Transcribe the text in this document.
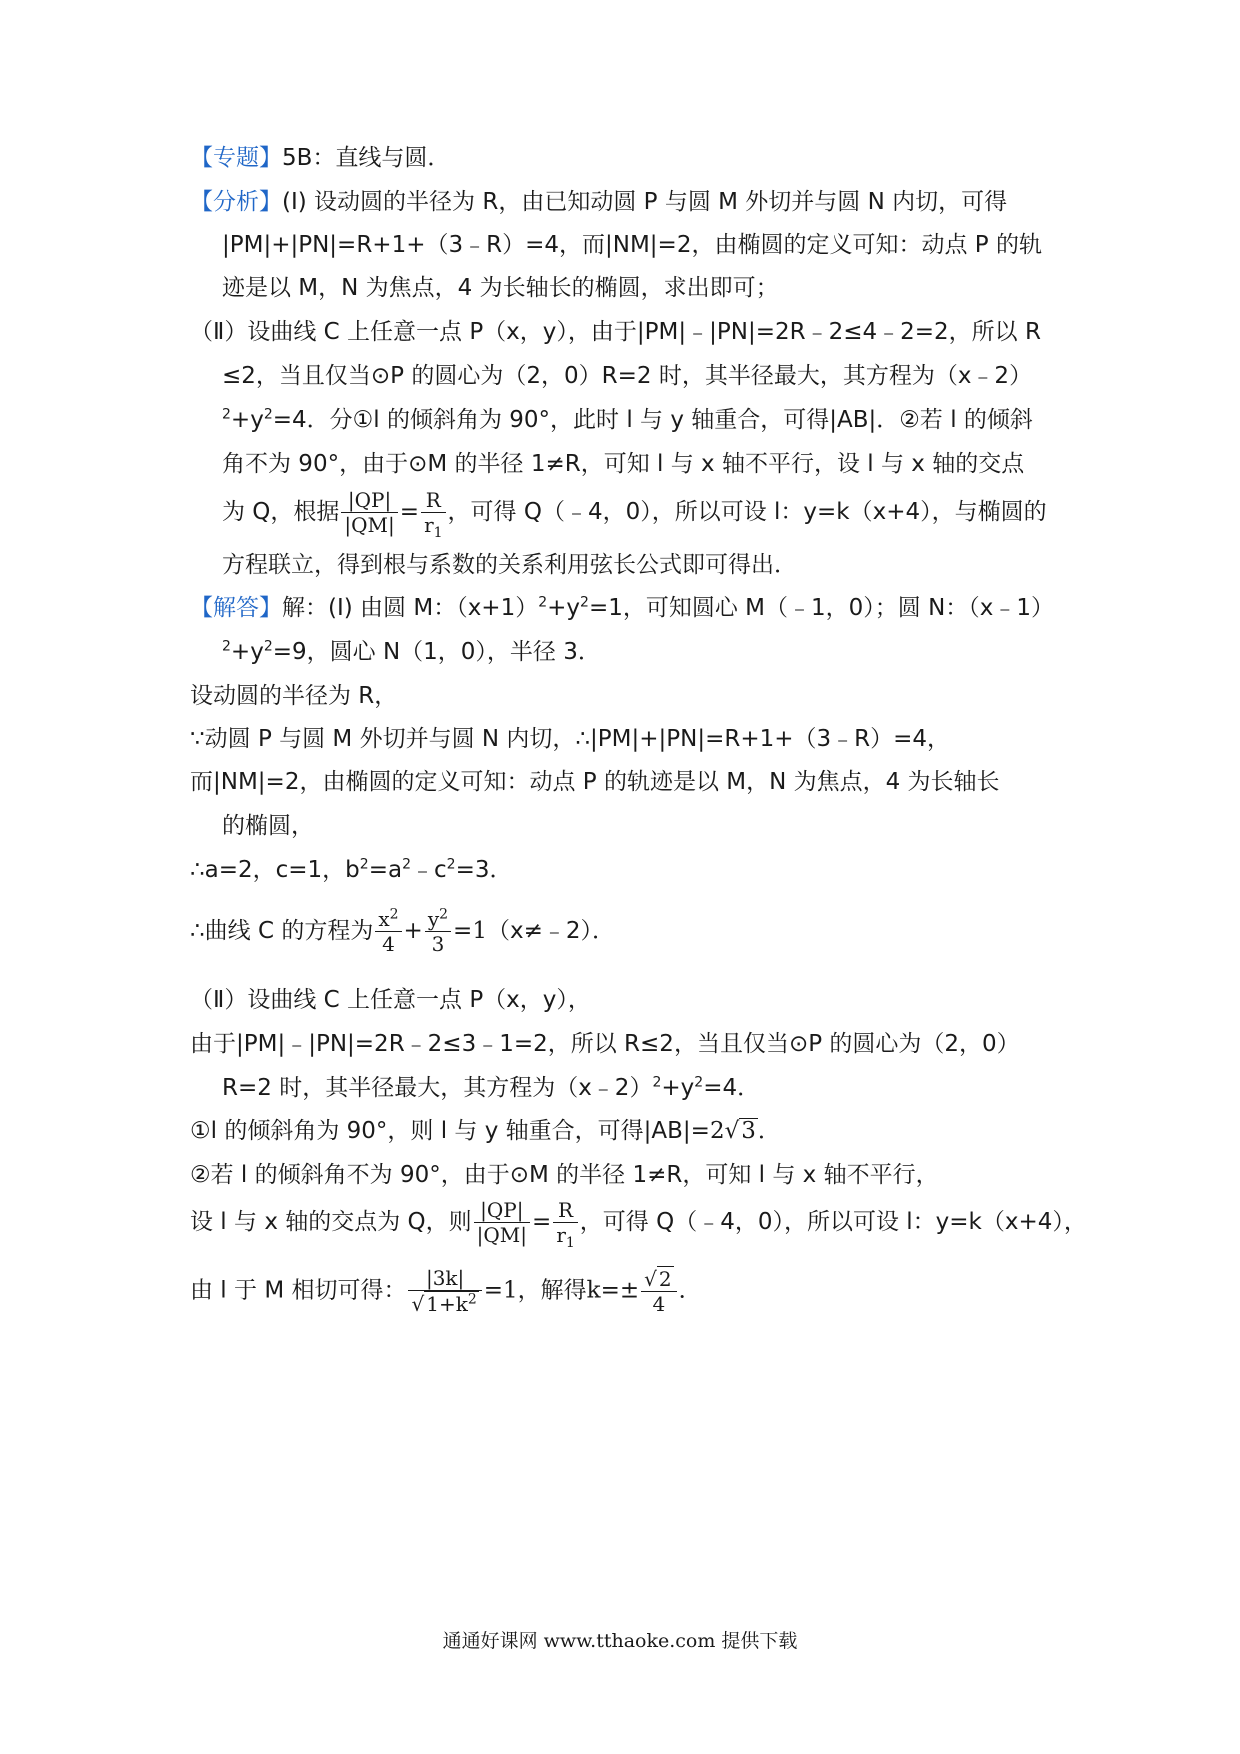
【专题】5B：直线与圆．
【分析】(Ⅰ) 设动圆的半径为 R，由已知动圆 P 与圆 M 外切并与圆 N 内切，可得
|PM|+|PN|=R+1+（3﹣R）=4，而|NM|=2，由椭圆的定义可知：动点 P 的轨
迹是以 M，N 为焦点，4 为长轴长的椭圆，求出即可；
（Ⅱ）设曲线 C 上任意一点 P（x，y），由于|PM|﹣|PN|=2R﹣2≤4﹣2=2，所以 R
≤2，当且仅当⊙P 的圆心为（2，0）R=2 时，其半径最大，其方程为（x﹣2）
$^2+y^2=4$．分①l 的倾斜角为 90°，此时 l 与 y 轴重合，可得|AB|．②若 l 的倾斜
角不为 90°，由于⊙M 的半径 1≠R，可知 l 与 x 轴不平行，设 l 与 x 轴的交点
为 Q，根据 $\frac{|QP|}{|QM|} = \frac{R}{r_1}$ ，可得 Q（﹣4，0），所以可设 l：y=k（x+4），与椭圆的
方程联立，得到根与系数的关系利用弦长公式即可得出．
【解答】解：(Ⅰ) 由圆 M：$(x+1)^2+y^2=1$，可知圆心 M（﹣1，0）；圆 N：（x﹣1）
$^2+y^2=9$，圆心 N（1，0），半径 3．
设动圆的半径为 R，
∵动圆 P 与圆 M 外切并与圆 N 内切，∴|PM|+|PN|=R+1+（3﹣R）=4，
而|NM|=2，由椭圆的定义可知：动点 P 的轨迹是以 M，N 为焦点，4 为长轴长
的椭圆，
∴a=2，c=1，$b^2=a^2﹣c^2=3$．
∴曲线 C 的方程为 $\frac{x^2}{4} + \frac{y^2}{3}$ =1（x≠﹣2）．
（Ⅱ）设曲线 C 上任意一点 P（x，y），
由于|PM|﹣|PN|=2R﹣2≤3﹣1=2，所以 R≤2，当且仅当⊙P 的圆心为（2，0）
R=2 时，其半径最大，其方程为$(x﹣2)^2+y^2=4$．
①l 的倾斜角为 90°，则 l 与 y 轴重合，可得|AB|=2√3．
②若 l 的倾斜角不为 90°，由于⊙M 的半径 1≠R，可知 l 与 x 轴不平行，
设 l 与 x 轴的交点为 Q，则 $\frac{|QP|}{|QM|} = \frac{R}{r_1}$ ，可得 Q（﹣4，0），所以可设 l：y=k（x+4），
由 l 于 M 相切可得： $\frac{|3k|}{√ 1+k^2} =1$，解得$k=\pm \frac{√ 2}{4}$ ．
通通好课网 www.tthaoke.com 提供下载
